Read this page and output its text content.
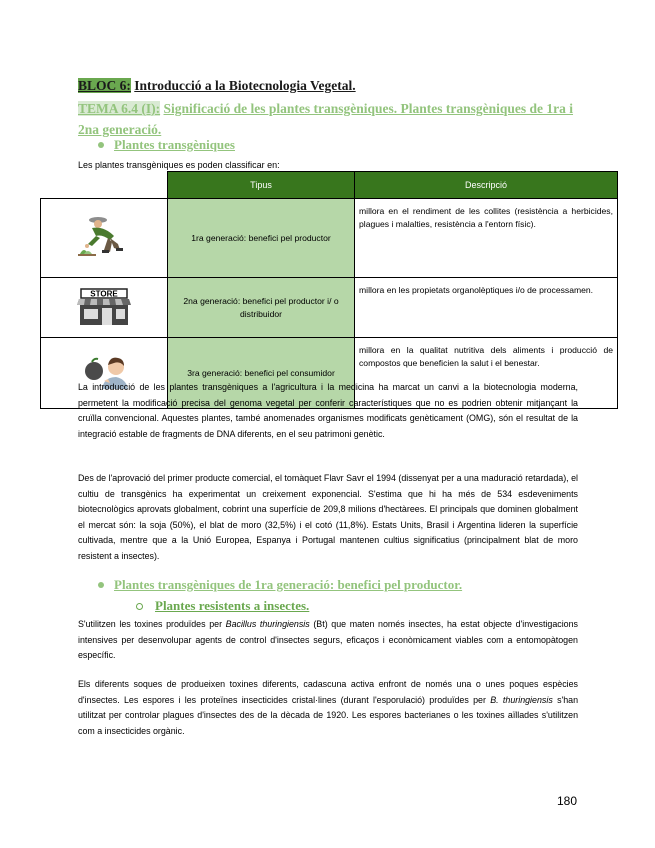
BLOC 6: Introducció a la Biotecnologia Vegetal.
TEMA 6.4 (I): Significació de les plantes transgèniques. Plantes transgèniques de 1ra i 2na generació.
Plantes transgèniques
Les plantes transgèniques es poden classificar en:
	Tipus	Descripció
	1ra generació: benefici pel productor	millora en el rendiment de les collites (resistència a herbicides, plagues i malalties, resistència a l'entorn físic).

STORE	2na generació: benefici pel productor i/ o distribuidor	millora en les propietats organolèptiques i/o de processamen.
	3ra generació: benefici pel consumidor	millora en la qualitat nutritiva dels aliments i producció de compostos que beneficien la salut i el benestar.
La introducció de les plantes transgèniques a l'agricultura i la medicina ha marcat un canvi a la biotecnologia moderna, permetent la modificació precisa del genoma vegetal per conferir característiques que no es podrien obtenir mitjançant la cruïlla convencional. Aquestes plantes, també anomenades organismes modificats genèticament (OMG), són el resultat de la integració estable de fragments de DNA diferents, en el seu patrimoni genètic.
Des de l'aprovació del primer producte comercial, el tomàquet Flavr Savr el 1994 (dissenyat per a una maduració retardada), el cultiu de transgènics ha experimentat un creixement exponencial. S'estima que hi ha més de 534 esdeveniments biotecnològics aprovats globalment, cobrint una superfície de 209,8 milions d'hectàrees. El principals que dominen globalment el mercat són: la soja (50%), el blat de moro (32,5%) i el cotó (11,8%). Estats Units, Brasil i Argentina lideren la superfície cultivada, mentre que a la Unió Europea, Espanya i Portugal mantenen cultius significatius (principalment blat de moro resistent a insectes).
Plantes transgèniques de 1ra generació: benefici pel productor.
Plantes resistents a insectes.
S'utilitzen les toxines produïdes per Bacillus thuringiensis (Bt) que maten només insectes, ha estat objecte d'investigacions intensives per desenvolupar agents de control d'insectes segurs, eficaços i econòmicament viables com a entomopàtogen específic.
Els diferents soques de produeixen toxines diferents, cadascuna activa enfront de només una o unes poques espècies d'insectes. Les espores i les proteïnes insecticides cristal·lines (durant l'esporulació) produïdes per B. thuringiensis s'han utilitzat per controlar plagues d'insectes des de la dècada de 1920. Les espores bacterianes o les toxines aïllades s'utilitzen com a insecticides orgànic.
180
